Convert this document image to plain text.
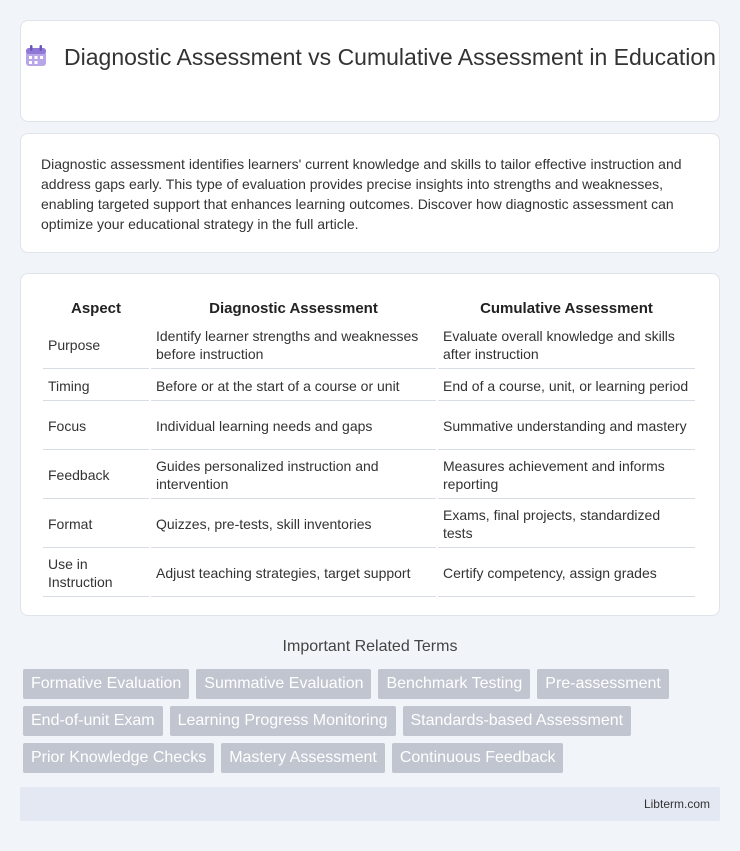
Diagnostic Assessment vs Cumulative Assessment in Education

Diagnostic assessment identifies learners' current knowledge and skills to tailor effective instruction and address gaps early. This type of evaluation provides precise insights into strengths and weaknesses, enabling targeted support that enhances learning outcomes. Discover how diagnostic assessment can optimize your educational strategy in the full article.

Aspect	Diagnostic Assessment	Cumulative Assessment
Purpose	Identify learner strengths and weaknesses before instruction	Evaluate overall knowledge and skills after instruction
Timing	Before or at the start of a course or unit	End of a course, unit, or learning period
Focus	Individual learning needs and gaps	Summative understanding and mastery
Feedback	Guides personalized instruction and intervention	Measures achievement and informs reporting
Format	Quizzes, pre-tests, skill inventories	Exams, final projects, standardized tests
Use in Instruction	Adjust teaching strategies, target support	Certify competency, assign grades
Important Related Terms
Formative Evaluation	Summative Evaluation	Benchmark Testing	Pre-assessment
End-of-unit Exam	Learning Progress Monitoring	Standards-based Assessment
Prior Knowledge Checks	Mastery Assessment	Continuous Feedback
Libterm.com
